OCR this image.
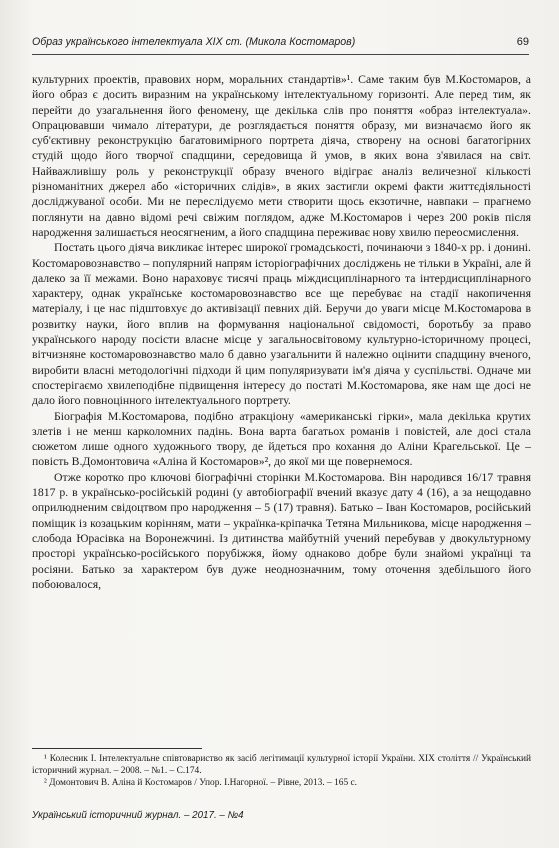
Образ українського інтелектуала XIX ст. (Микола Костомаров)	69

культурних проектів, правових норм, моральних стандартів»¹. Саме таким був М.Костомаров, а його образ є досить виразним на українському інтелектуальному горизонті. Але перед тим, як перейти до узагальнення його феномену, ще декілька слів про поняття «образ інтелектуала». Опрацювавши чимало літератури, де розглядається поняття образу, ми визначаємо його як суб'єктивну реконструкцію багатовимірного портрета діяча, створену на основі багатогірних студій щодо його творчої спадщини, середовища й умов, в яких вона з'явилася на світ. Найважливішу роль у реконструкції образу вченого відіграє аналіз величезної кількості різноманітних джерел або «історичних слідів», в яких застигли окремі факти життєдіяльності досліджуваної особи. Ми не переслідуємо мети створити щось екзотичне, навпаки – прагнемо поглянути на давно відомі речі свіжим поглядом, адже М.Костомаров і через 200 років після народження залишається неосягненим, а його спадщина переживає нову хвилю переосмислення.

Постать цього діяча викликає інтерес широкої громадськості, починаючи з 1840-х рр. і донині. Костомаровознавство – популярний напрям історіографічних досліджень не тільки в Україні, але й далеко за її межами. Воно нараховує тисячі праць міждисциплінарного та інтердисциплінарного характеру, однак українське костомаровознавство все ще перебуває на стадії накопичення матеріалу, і це нас підштовхує до активізації певних дій. Беручи до уваги місце М.Костомарова в розвитку науки, його вплив на формування національної свідомості, боротьбу за право українського народу посісти власне місце у загальносвітовому культурно-історичному процесі, вітчизняне костомаровознавство мало б давно узагальнити й належно оцінити спадщину вченого, виробити власні методологічні підходи й цим популяризувати ім'я діяча у суспільстві. Одначе ми спостерігаємо хвилеподібне підвищення інтересу до постаті М.Костомарова, яке нам ще досі не дало його повноцінного інтелектуального портрету.

Біографія М.Костомарова, подібно атракціону «американські гірки», мала декілька крутих злетів і не менш карколомних падінь. Вона варта багатьох романів і повістей, але досі стала сюжетом лише одного художнього твору, де йдеться про кохання до Аліни Крагельської. Це – повість В.Домонтовича «Аліна й Костомаров»², до якої ми ще повернемося.

Отже коротко про ключові біографічні сторінки М.Костомарова. Він народився 16/17 травня 1817 р. в українсько-російській родині (у автобіографії вчений вказує дату 4 (16), а за нещодавно оприлюдненим свідоцтвом про народження – 5 (17) травня). Батько – Іван Костомаров, російський поміщик із козацьким корінням, мати – українка-кріпачка Тетяна Мильникова, місце народження – слобода Юрасівка на Воронежчині. Із дитинства майбутній учений перебував у двокультурному просторі українсько-російського порубіжжя, йому однаково добре були знайомі українці та росіяни. Батько за характером був дуже неоднозначним, тому оточення здебільшого його побоювалося,

¹ Колесник І. Інтелектуальне співтовариство як засіб легітимації культурної історії України. XIX століття // Український історичний журнал. – 2008. – №1. – С.174.

² Домонтович В. Аліна й Костомаров / Упор. І.Нагорної. – Рівне, 2013. – 165 с.

Український історичний журнал. – 2017. – №4
